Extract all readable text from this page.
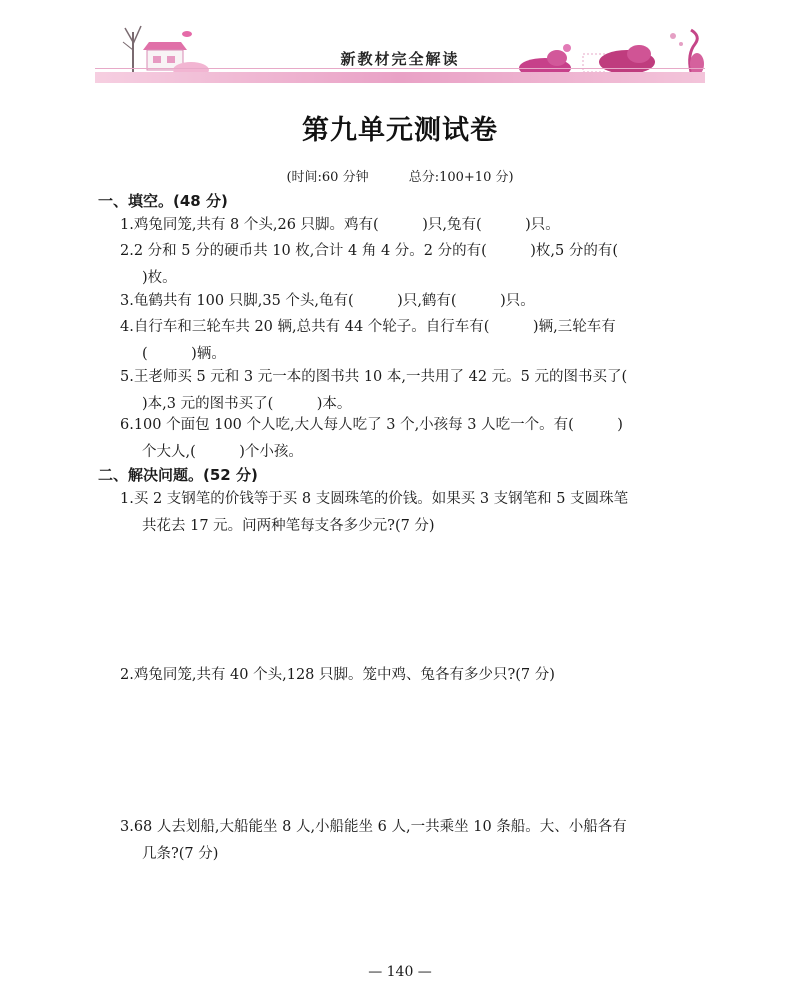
新教材完全解读
第九单元测试卷
(时间:60 分钟	总分:100+10 分)
一、填空。(48 分)
1.鸡兔同笼,共有 8 个头,26 只脚。鸡有(　　　)只,兔有(　　　)只。
2.2 分和 5 分的硬币共 10 枚,合计 4 角 4 分。2 分的有(　　　)枚,5 分的有(
)枚。
3.龟鹤共有 100 只脚,35 个头,龟有(　　　)只,鹤有(　　　)只。
4.自行车和三轮车共 20 辆,总共有 44 个轮子。自行车有(　　　)辆,三轮车有
(　　　)辆。
5.王老师买 5 元和 3 元一本的图书共 10 本,一共用了 42 元。5 元的图书买了(
)本,3 元的图书买了(　　　)本。
6.100 个面包 100 个人吃,大人每人吃了 3 个,小孩每 3 人吃一个。有(　　　)
个大人,(　　　)个小孩。
二、解决问题。(52 分)
1.买 2 支钢笔的价钱等于买 8 支圆珠笔的价钱。如果买 3 支钢笔和 5 支圆珠笔
共花去 17 元。问两种笔每支各多少元?(7 分)
2.鸡兔同笼,共有 40 个头,128 只脚。笼中鸡、兔各有多少只?(7 分)
3.68 人去划船,大船能坐 8 人,小船能坐 6 人,一共乘坐 10 条船。大、小船各有
几条?(7 分)
— 140 —
